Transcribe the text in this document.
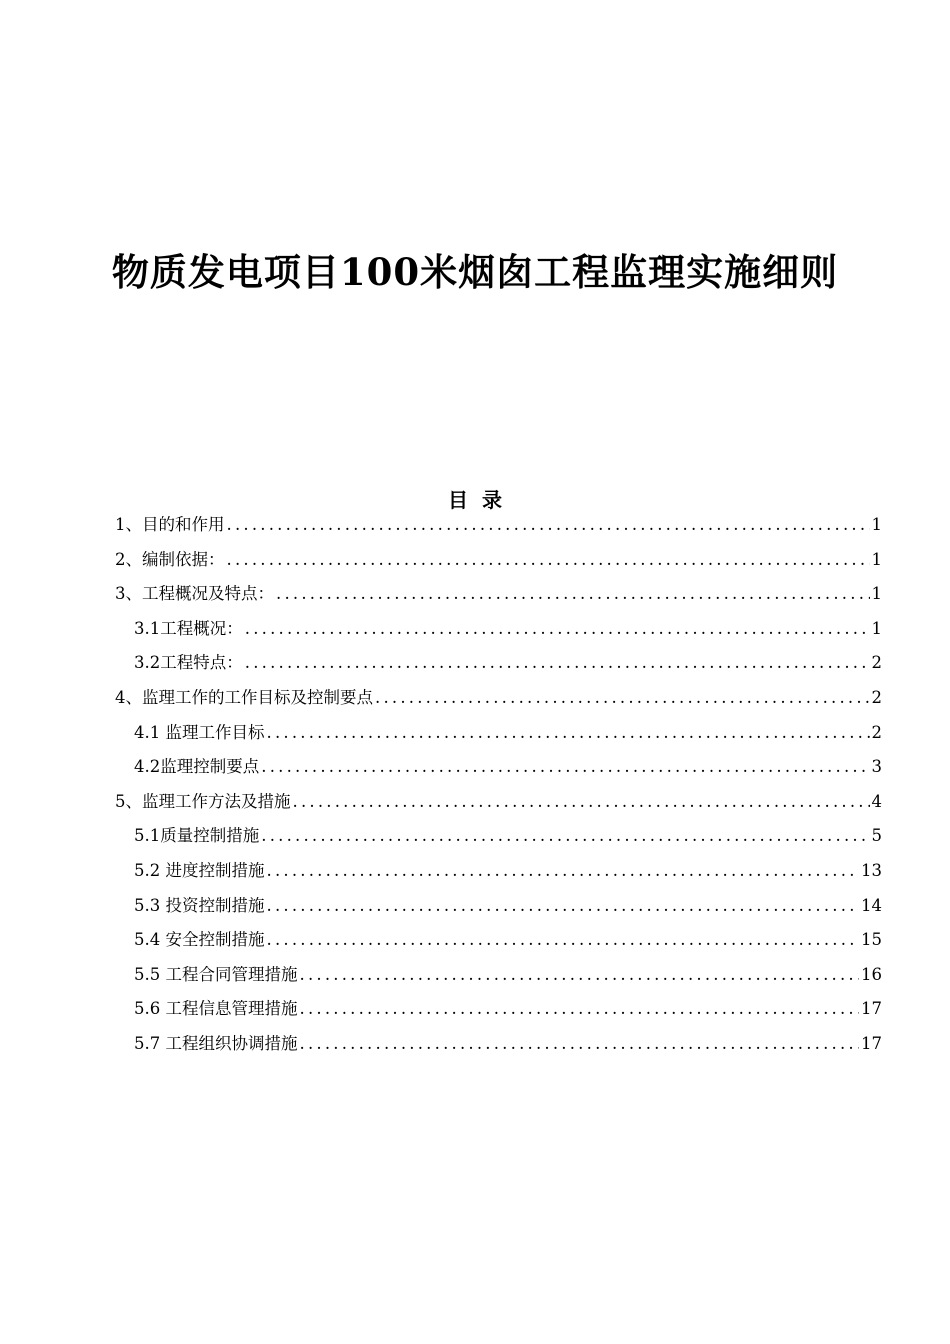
物质发电项目100米烟囱工程监理实施细则
目  录
1、目的和作用 .....	1
2、编制依据： .....	1
3、工程概况及特点： .....	1
3.1工程概况： .....	1
3.2工程特点： .....	2
4、监理工作的工作目标及控制要点 .....	2
4.1 监理工作目标 .....	2
4.2监理控制要点 .....	3
5、监理工作方法及措施 .....	4
5.1质量控制措施 .....	5
5.2 进度控制措施 .....	13
5.3 投资控制措施 .....	14
5.4 安全控制措施 .....	15
5.5 工程合同管理措施 .....	16
5.6 工程信息管理措施 .....	17
5.7 工程组织协调措施 .....	17
